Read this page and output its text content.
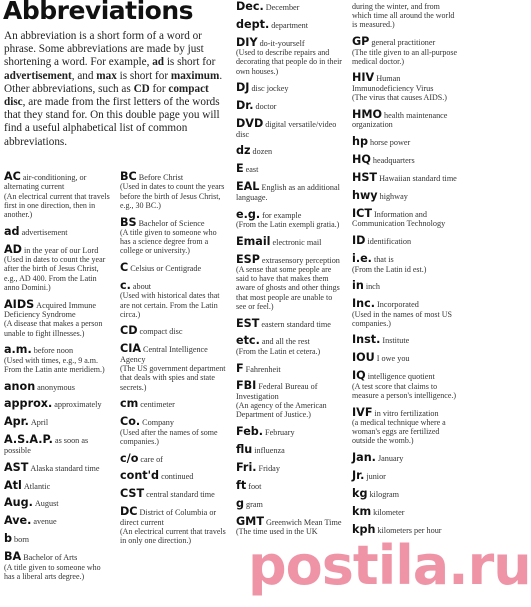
Abbreviations
An abbreviation is a short form of a word or phrase. Some abbreviations are made by just shortening a word. For example, ad is short for advertisement, and max is short for maximum. Other abbreviations, such as CD for compact disc, are made from the first letters of the words that they stand for. On this double page you will find a useful alphabetical list of common abbreviations.
AC air-conditioning, or alternating current
(An electrical current that travels first in one direction, then in another.)
ad advertisement
AD in the year of our Lord
(Used in dates to count the year after the birth of Jesus Christ, e.g., AD 400. From the Latin anno Domini.)
AIDS Acquired Immune Deficiency Syndrome
(A disease that makes a person unable to fight illnesses.)
a.m. before noon
(Used with times, e.g., 9 a.m. From the Latin ante meridiem.)
anon anonymous
approx. approximately
Apr. April
A.S.A.P. as soon as possible
AST Alaska standard time
Atl Atlantic
Aug. August
Ave. avenue
b born
BA Bachelor of Arts
(A title given to someone who has a liberal arts degree.)
BC Before Christ
(Used in dates to count the years before the birth of Jesus Christ, e.g., 30 BC.)
BS Bachelor of Science
(A title given to someone who has a science degree from a college or university.)
C Celsius or Centigrade
c. about
(Used with historical dates that are not certain. From the Latin circa.)
CD compact disc
CIA Central Intelligence Agency
(The US government department that deals with spies and state secrets.)
cm centimeter
Co. Company
(Used after the names of some companies.)
c/o care of
cont'd continued
CST central standard time
DC District of Columbia or direct current
(An electrical current that travels in only one direction.)
Dec. December
dept. department
DIY do-it-yourself
(Used to describe repairs and decorating that people do in their own houses.)
DJ disc jockey
Dr. doctor
DVD digital versatile/video disc
dz dozen
E east
EAL English as an additional language.
e.g. for example
(From the Latin exempli gratia.)
Email electronic mail
ESP extrasensory perception
(A sense that some people are said to have that makes them aware of ghosts and other things that most people are unable to see or feel.)
EST eastern standard time
etc. and all the rest
(From the Latin et cetera.)
F Fahrenheit
FBI Federal Bureau of Investigation
(An agency of the American Department of Justice.)
Feb. February
flu influenza
Fri. Friday
ft foot
g gram
GMT Greenwich Mean Time
(The time used in the UK
during the winter, and from which time all around the world is measured.)
GP general practitioner
(The title given to an all-purpose medical doctor.)
HIV Human Immunodeficiency Virus
(The virus that causes AIDS.)
HMO health maintenance organization
hp horse power
HQ headquarters
HST Hawaiian standard time
hwy highway
ICT Information and Communication Technology
ID identification
i.e. that is
(From the Latin id est.)
in inch
Inc. Incorporated
(Used in the names of most US companies.)
Inst. Institute
IOU I owe you
IQ intelligence quotient
(A test score that claims to measure a person's intelligence.)
IVF in vitro fertilization
(a medical technique where a woman's eggs are fertilized outside the womb.)
Jan. January
Jr. junior
kg kilogram
km kilometer
kph kilometers per hour
postila.ru
